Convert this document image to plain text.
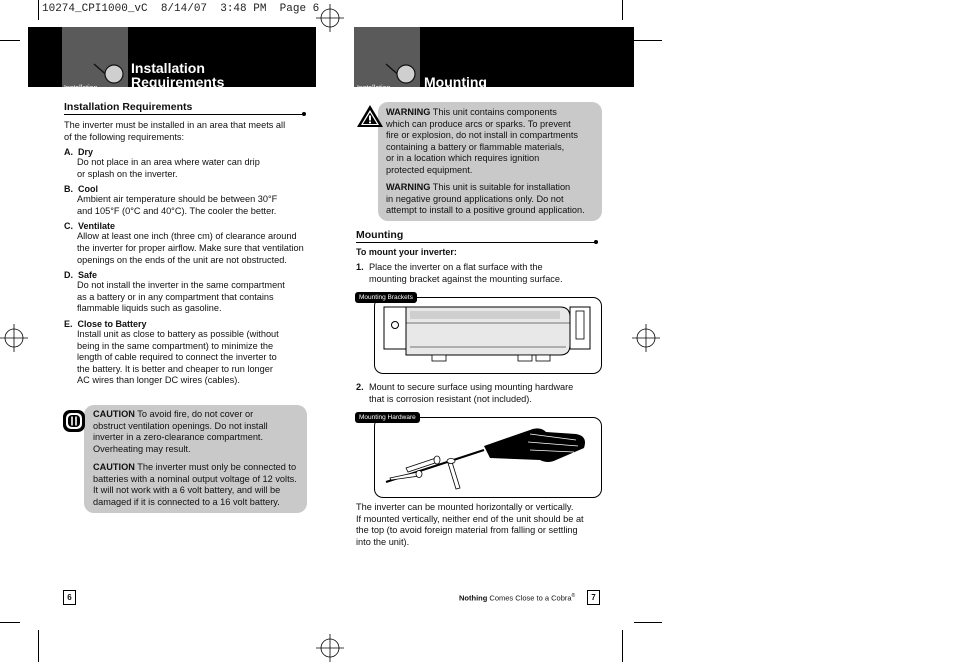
10274_CPI1000_vC  8/14/07  3:48 PM  Page 6
Installation
Installation Requirements
Installation Requirements
The inverter must be installed in an area that meets all
of the following requirements:
A.  Dry
Do not place in an area where water can drip
or splash on the inverter.
B.  Cool
Ambient air temperature should be between 30°F
and 105°F (0°C and 40°C). The cooler the better.
C.  Ventilate
Allow at least one inch (three cm) of clearance around
the inverter for proper airflow. Make sure that ventilation
openings on the ends of the unit are not obstructed.
D.  Safe
Do not install the inverter in the same compartment
as a battery or in any compartment that contains
flammable liquids such as gasoline.
E.  Close to Battery
Install unit as close to battery as possible (without
being in the same compartment) to minimize the
length of cable required to connect the inverter to
the battery. It is better and cheaper to run longer
AC wires than longer DC wires (cables).
CAUTION To avoid fire, do not cover or
obstruct ventilation openings. Do not install
inverter in a zero-clearance compartment.
Overheating may result.
CAUTION The inverter must only be connected to
batteries with a nominal output voltage of 12 volts.
It will not work with a 6 volt battery, and will be
damaged if it is connected to a 16 volt battery.
6
Installation Mounting
WARNING This unit contains components
which can produce arcs or sparks. To prevent
fire or explosion, do not install in compartments
containing a battery or flammable materials,
or in a location which requires ignition
protected equipment.
WARNING This unit is suitable for installation
in negative ground applications only. Do not
attempt to install to a positive ground application.
Mounting
To mount your inverter:
1. Place the inverter on a flat surface with the
mounting bracket against the mounting surface.
Mounting Brackets
2. Mount to secure surface using mounting hardware
that is corrosion resistant (not included).
Mounting Hardware
The inverter can be mounted horizontally or vertically.
If mounted vertically, neither end of the unit should be at
the top (to avoid foreign material from falling or settling
into the unit).
Nothing Comes Close to a Cobra®	7
